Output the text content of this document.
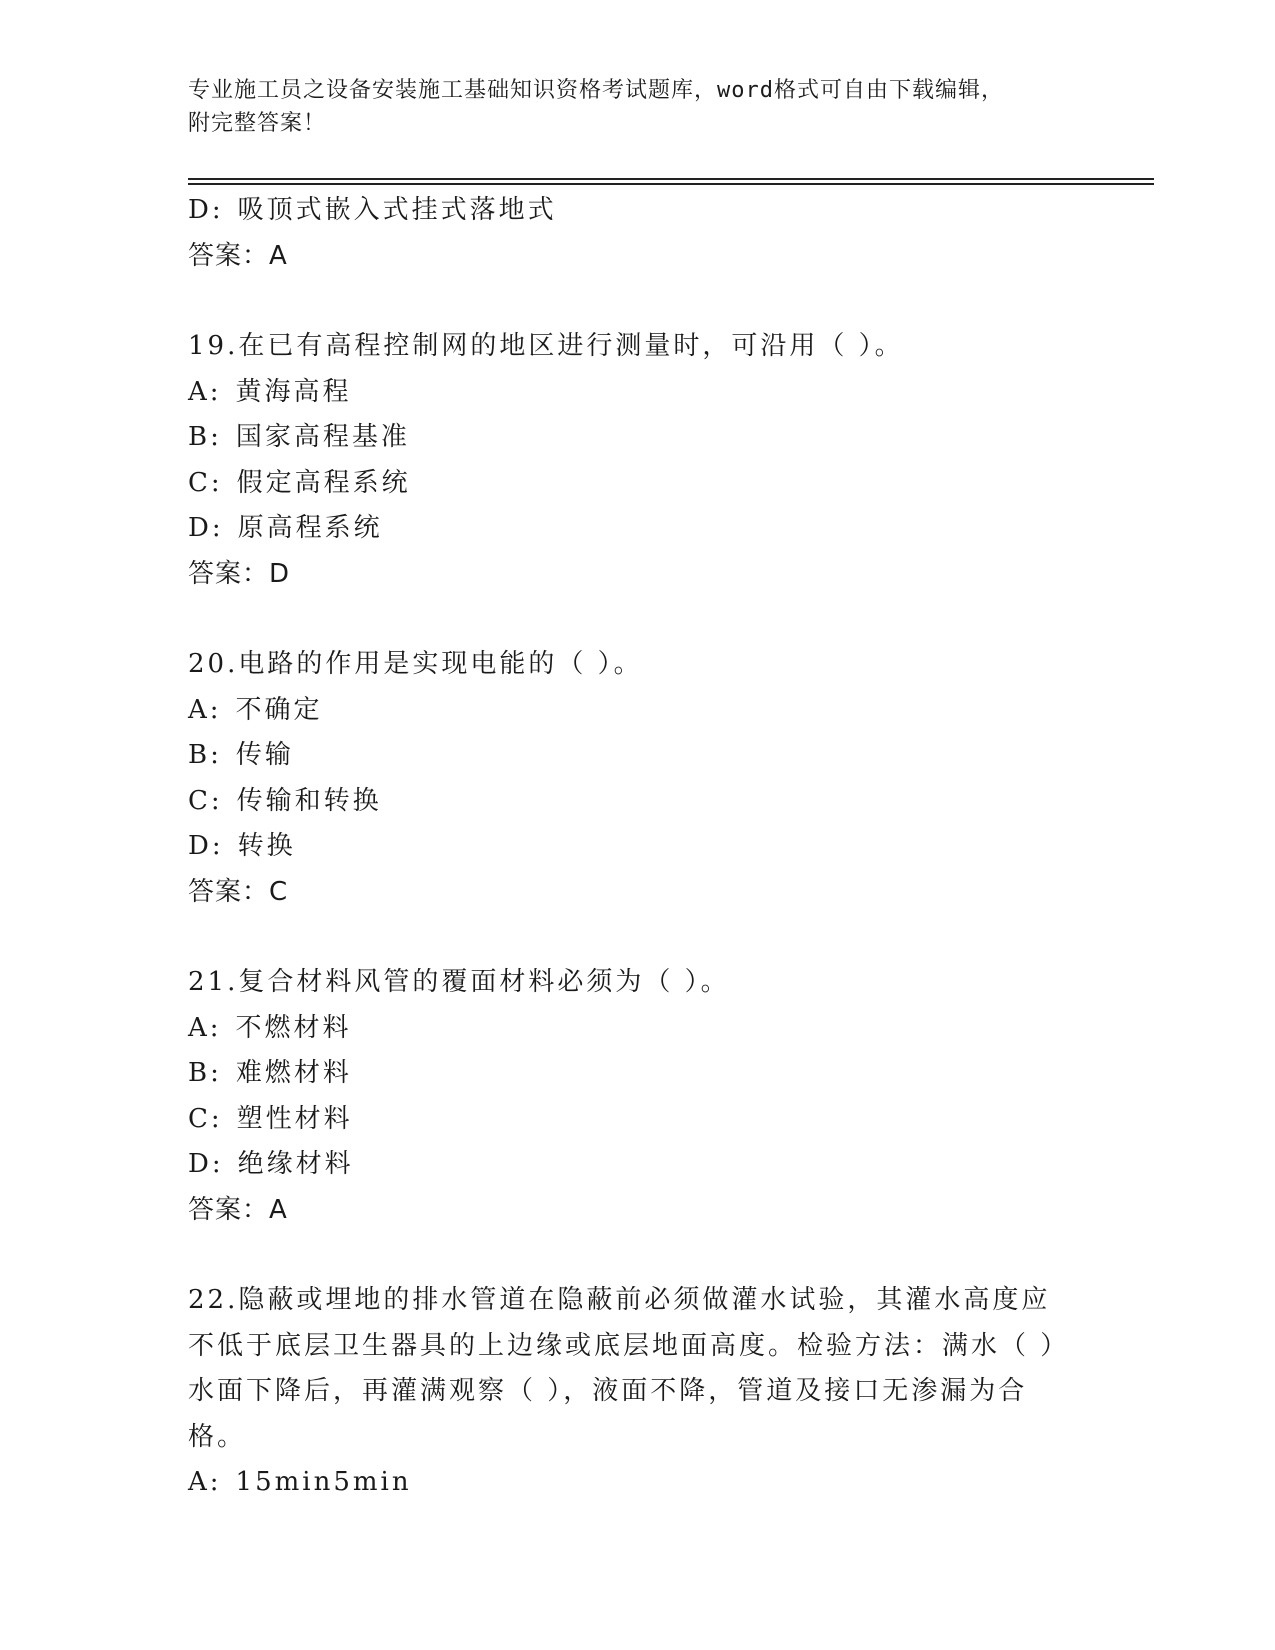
专业施工员之设备安装施工基础知识资格考试题库，word格式可自由下载编辑，
附完整答案！
D: 吸顶式嵌入式挂式落地式
答案：A
19.在已有高程控制网的地区进行测量时，可沿用（ ）。
A: 黄海高程
B: 国家高程基准
C: 假定高程系统
D: 原高程系统
答案：D
20.电路的作用是实现电能的（ ）。
A: 不确定
B: 传输
C: 传输和转换
D: 转换
答案：C
21.复合材料风管的覆面材料必须为（ ）。
A: 不燃材料
B: 难燃材料
C: 塑性材料
D: 绝缘材料
答案：A
22.隐蔽或埋地的排水管道在隐蔽前必须做灌水试验，其灌水高度应不低于底层卫生器具的上边缘或底层地面高度。检验方法：满水（ ）水面下降后，再灌满观察（ ），液面不降，管道及接口无渗漏为合格。
A: 15min5min
